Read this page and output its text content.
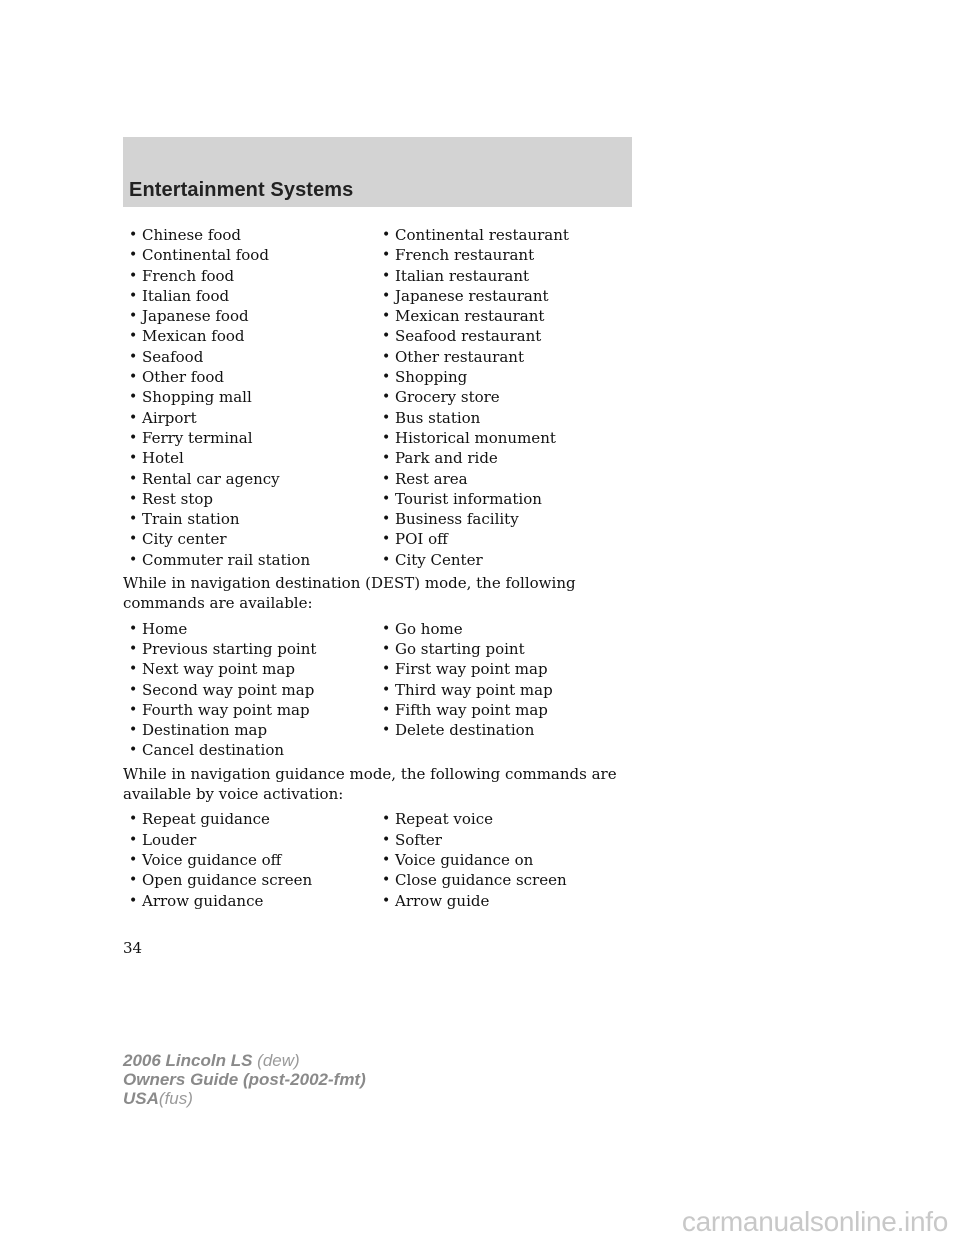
Entertainment Systems
• Chinese food	• Continental restaurant
• Continental food	• French restaurant
• French food	• Italian restaurant
• Italian food	• Japanese restaurant
• Japanese food	• Mexican restaurant
• Mexican food	• Seafood restaurant
• Seafood	• Other restaurant
• Other food	• Shopping
• Shopping mall	• Grocery store
• Airport	• Bus station
• Ferry terminal	• Historical monument
• Hotel	• Park and ride
• Rental car agency	• Rest area
• Rest stop	• Tourist information
• Train station	• Business facility
• City center	• POI off
• Commuter rail station	• City Center
While in navigation destination (DEST) mode, the following commands are available:
• Home	• Go home
• Previous starting point	• Go starting point
• Next way point map	• First way point map
• Second way point map	• Third way point map
• Fourth way point map	• Fifth way point map
• Destination map	• Delete destination
• Cancel destination
While in navigation guidance mode, the following commands are available by voice activation:
• Repeat guidance	• Repeat voice
• Louder	• Softer
• Voice guidance off	• Voice guidance on
• Open guidance screen	• Close guidance screen
• Arrow guidance	• Arrow guide
34
2006 Lincoln LS (dew)
Owners Guide (post-2002-fmt)
USA(fus)
carmanualsonline.info
